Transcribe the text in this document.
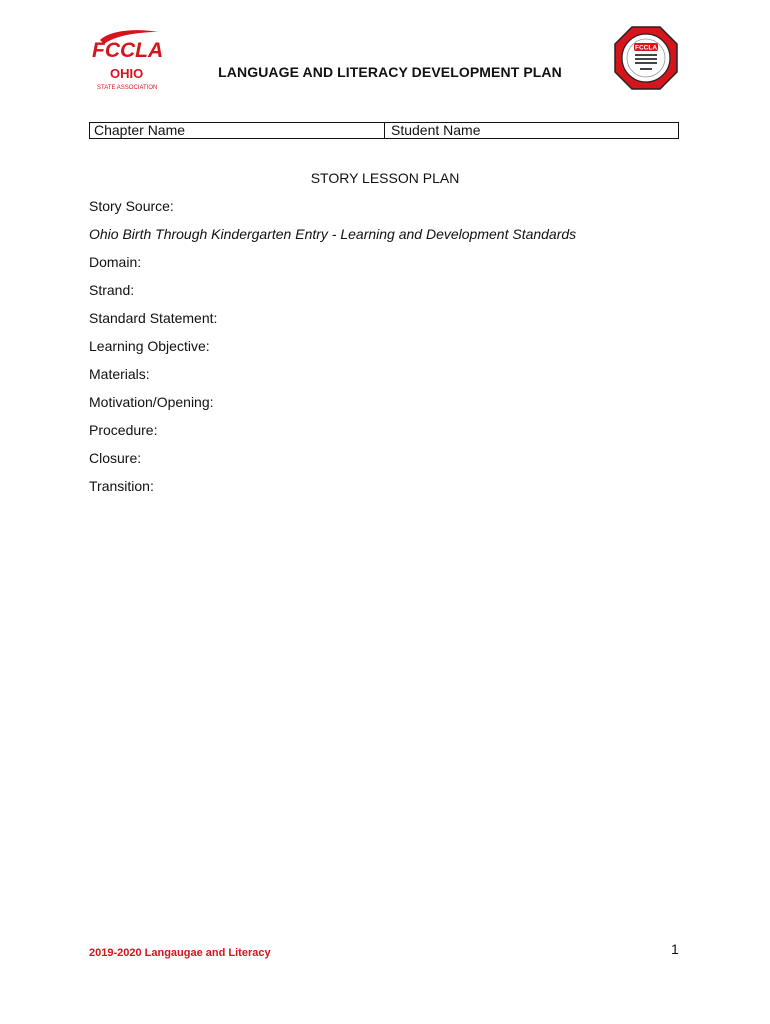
FCCLA
OHIO
STATE ASSOCIATION
LANGUAGE AND LITERACY DEVELOPMENT PLAN
FCCLA
Chapter Name	Student Name
STORY LESSON PLAN
Story Source:
Ohio Birth Through Kindergarten Entry - Learning and Development Standards
Domain:
Strand:
Standard Statement:
Learning Objective:
Materials:
Motivation/Opening:
Procedure:
Closure:
Transition:
2019-2020 Langaugae and Literacy	1
